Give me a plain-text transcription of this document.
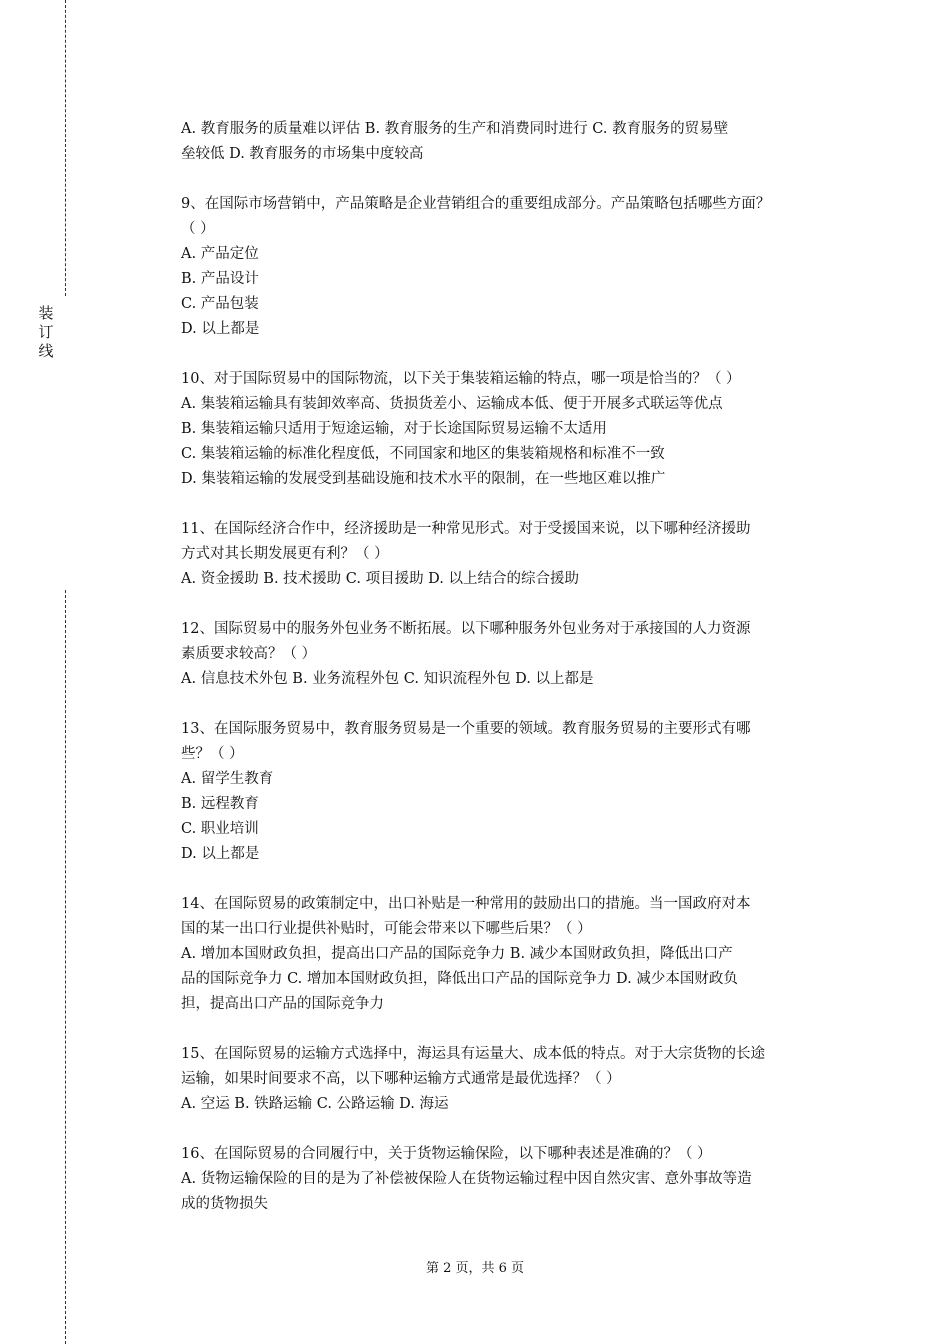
装
订
线
A. 教育服务的质量难以评估 B. 教育服务的生产和消费同时进行 C. 教育服务的贸易壁
垒较低 D. 教育服务的市场集中度较高
9、在国际市场营销中，产品策略是企业营销组合的重要组成部分。产品策略包括哪些方面？
（ ）
A. 产品定位
B. 产品设计
C. 产品包装
D. 以上都是
10、对于国际贸易中的国际物流，以下关于集装箱运输的特点，哪一项是恰当的？（ ）
A. 集装箱运输具有装卸效率高、货损货差小、运输成本低、便于开展多式联运等优点
B. 集装箱运输只适用于短途运输，对于长途国际贸易运输不太适用
C. 集装箱运输的标准化程度低，不同国家和地区的集装箱规格和标准不一致
D. 集装箱运输的发展受到基础设施和技术水平的限制，在一些地区难以推广
11、在国际经济合作中，经济援助是一种常见形式。对于受援国来说，以下哪种经济援助
方式对其长期发展更有利？（ ）
A. 资金援助 B. 技术援助 C. 项目援助 D. 以上结合的综合援助
12、国际贸易中的服务外包业务不断拓展。以下哪种服务外包业务对于承接国的人力资源
素质要求较高？（ ）
A. 信息技术外包 B. 业务流程外包 C. 知识流程外包 D. 以上都是
13、在国际服务贸易中，教育服务贸易是一个重要的领域。教育服务贸易的主要形式有哪
些？（ ）
A. 留学生教育
B. 远程教育
C. 职业培训
D. 以上都是
14、在国际贸易的政策制定中，出口补贴是一种常用的鼓励出口的措施。当一国政府对本
国的某一出口行业提供补贴时，可能会带来以下哪些后果？（ ）
A. 增加本国财政负担，提高出口产品的国际竞争力 B. 减少本国财政负担，降低出口产
品的国际竞争力 C. 增加本国财政负担，降低出口产品的国际竞争力 D. 减少本国财政负
担，提高出口产品的国际竞争力
15、在国际贸易的运输方式选择中，海运具有运量大、成本低的特点。对于大宗货物的长途
运输，如果时间要求不高，以下哪种运输方式通常是最优选择？（ ）
A. 空运 B. 铁路运输 C. 公路运输 D. 海运
16、在国际贸易的合同履行中，关于货物运输保险，以下哪种表述是准确的？（ ）
A. 货物运输保险的目的是为了补偿被保险人在货物运输过程中因自然灾害、意外事故等造
成的货物损失
第 2 页，共 6 页
